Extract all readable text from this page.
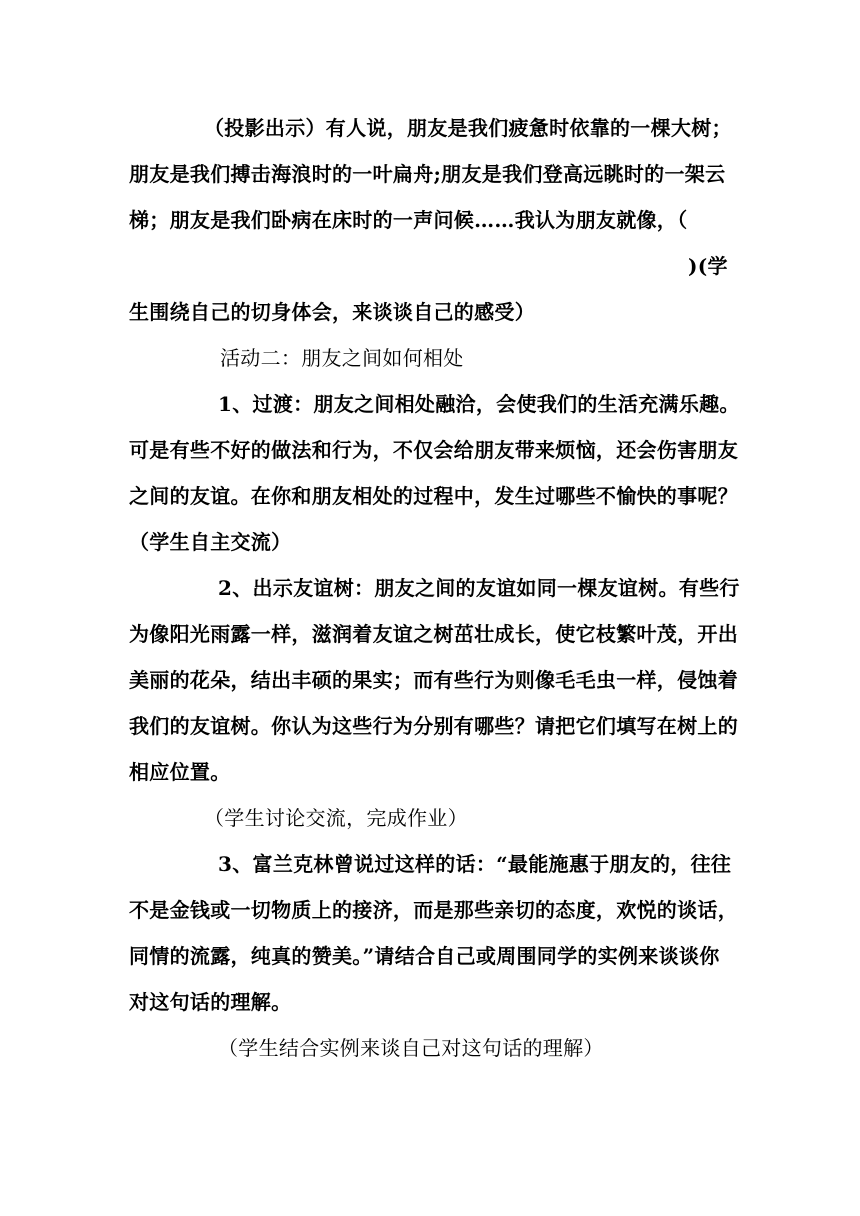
（投影出示）有人说，朋友是我们疲惫时依靠的一棵大树；
朋友是我们搏击海浪时的一叶扁舟;朋友是我们登高远眺时的一架云
梯；朋友是我们卧病在床时的一声问候……我认为朋友就像，（
)(学
生围绕自己的切身体会，来谈谈自己的感受）
活动二：朋友之间如何相处
1、过渡：朋友之间相处融洽，会使我们的生活充满乐趣。
可是有些不好的做法和行为，不仅会给朋友带来烦恼，还会伤害朋友
之间的友谊。在你和朋友相处的过程中，发生过哪些不愉快的事呢？
（学生自主交流）
2、出示友谊树：朋友之间的友谊如同一棵友谊树。有些行
为像阳光雨露一样，滋润着友谊之树茁壮成长，使它枝繁叶茂，开出
美丽的花朵，结出丰硕的果实；而有些行为则像毛毛虫一样，侵蚀着
我们的友谊树。你认为这些行为分别有哪些？请把它们填写在树上的
相应位置。
（学生讨论交流，完成作业）
3、富兰克林曾说过这样的话：“最能施惠于朋友的，往往
不是金钱或一切物质上的接济，而是那些亲切的态度，欢悦的谈话，
同情的流露，纯真的赞美。”请结合自己或周围同学的实例来谈谈你
对这句话的理解。
（学生结合实例来谈自己对这句话的理解）
